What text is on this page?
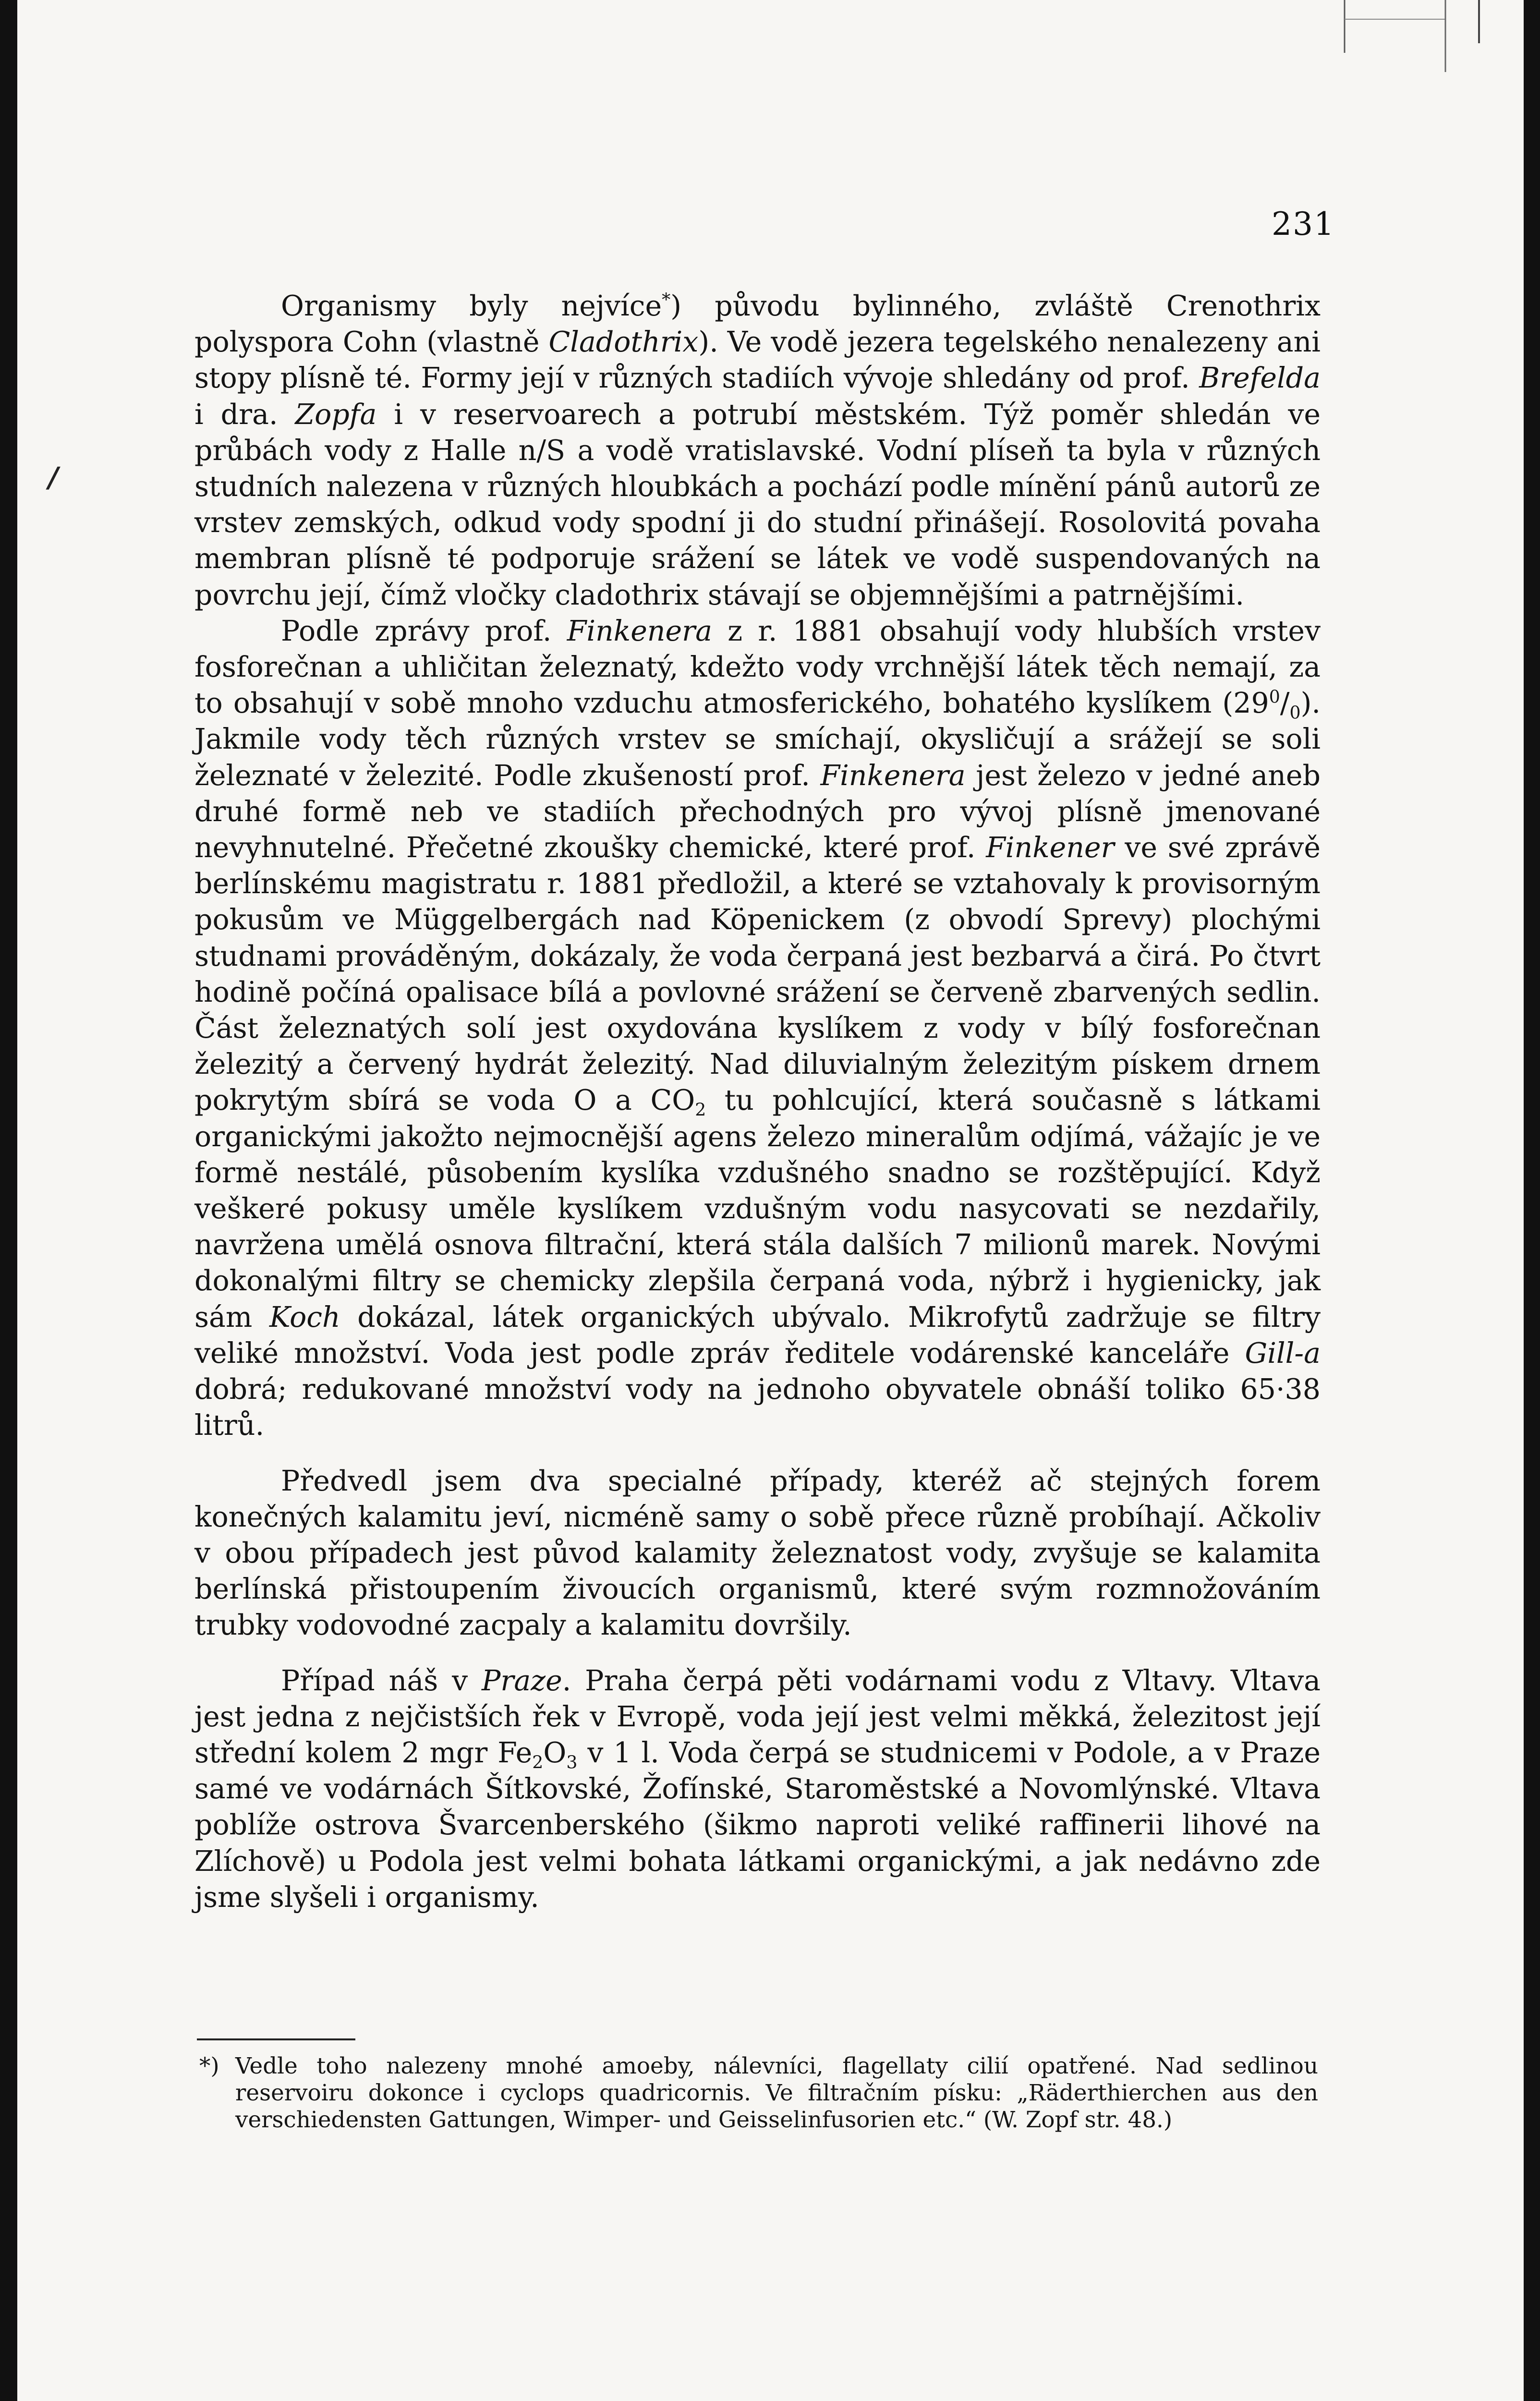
231
/

Organismy byly nejvíce*) původu bylinného, zvláště Crenothrix polyspora Cohn (vlastně Cladothrix). Ve vodě jezera tegelského nenalezeny ani stopy plísně té. Formy její v různých stadiích vývoje shledány od prof. Brefelda i dra. Zopfa i v reservoarech a potrubí městském. Týž poměr shledán ve průbách vody z Halle n/S a vodě vratislavské. Vodní plíseň ta byla v různých studních nalezena v různých hloubkách a pochází podle mínění pánů autorů ze vrstev zemských, odkud vody spodní ji do studní přinášejí. Rosolovitá povaha membran plísně té podporuje srážení se látek ve vodě suspendovaných na povrchu její, čímž vločky cladothrix stávají se objemnějšími a patrnějšími.

Podle zprávy prof. Finkenera z r. 1881 obsahují vody hlubších vrstev fosforečnan a uhličitan železnatý, kdežto vody vrchnější látek těch nemají, za to obsahují v sobě mnoho vzduchu atmosferického, bohatého kyslíkem $(29^0/_0)$. Jakmile vody těch různých vrstev se smíchají, okysličují a srážejí se soli železnaté v železité. Podle zkušeností prof. Finkenera jest železo v jedné aneb druhé formě neb ve stadiích přechodných pro vývoj plísně jmenované nevyhnutelné. Přečetné zkoušky chemické, které prof. Finkener ve své zprávě berlínskému magistratu r. 1881 předložil, a které se vztahovaly k provisorným pokusům ve Müggelbergách nad Köpenickem (z obvodí Sprevy) plochými studnami prováděným, dokázaly, že voda čerpaná jest bezbarvá a čirá. Po čtvrt hodině počíná opalisace bílá a povlovné srážení se červeně zbarvených sedlin. Část železnatých solí jest oxydována kyslíkem z vody v bílý fosforečnan železitý a červený hydrát železitý. Nad diluvialným železitým pískem drnem pokrytým sbírá se voda O a $CO_2$ tu pohlcující, která současně s látkami organickými jakožto nejmocnější agens železo mineralům odjímá, vážajíc je ve formě nestálé, působením kyslíka vzdušného snadno se rozštěpující. Když veškeré pokusy uměle kyslíkem vzdušným vodu nasycovati se nezdařily, navržena umělá osnova filtrační, která stála dalších 7 milionů marek. Novými dokonalými filtry se chemicky zlepšila čerpaná voda, nýbrž i hygienicky, jak sám Koch dokázal, látek organických ubývalo. Mikrofytů zadržuje se filtry veliké množství. Voda jest podle zpráv ředitele vodárenské kanceláře Gill-a dobrá; redukované množství vody na jednoho obyvatele obnáší toliko 65·38 litrů.

Předvedl jsem dva specialné případy, kteréž ač stejných forem konečných kalamitu jeví, nicméně samy o sobě přece různě probíhají. Ačkoliv v obou případech jest původ kalamity železnatost vody, zvyšuje se kalamita berlínská přistoupením živoucích organismů, které svým rozmnožováním trubky vodovodné zacpaly a kalamitu dovršily.

Případ náš v Praze. Praha čerpá pěti vodárnami vodu z Vltavy. Vltava jest jedna z nejčistších řek v Evropě, voda její jest velmi měkká, železitost její střední kolem 2 mgr $Fe_2O_3$ v 1 l. Voda čerpá se studnicemi v Podole, a v Praze samé ve vodárnách Šítkovské, Žofínské, Staroměstské a Novomlýnské. Vltava poblíže ostrova Švarcenberského (šikmo naproti veliké raffinerii lihové na Zlíchově) u Podola jest velmi bohata látkami organickými, a jak nedávno zde jsme slyšeli i organismy.

*) Vedle toho nalezeny mnohé amoeby, nálevníci, flagellaty cilií opatřené. Nad sedlinou reservoiru dokonce i cyclops quadricornis. Ve filtračním písku: „Räderthierchen aus den verschiedensten Gattungen, Wimper- und Geisselinfusorien etc.“ (W. Zopf str. 48.)
